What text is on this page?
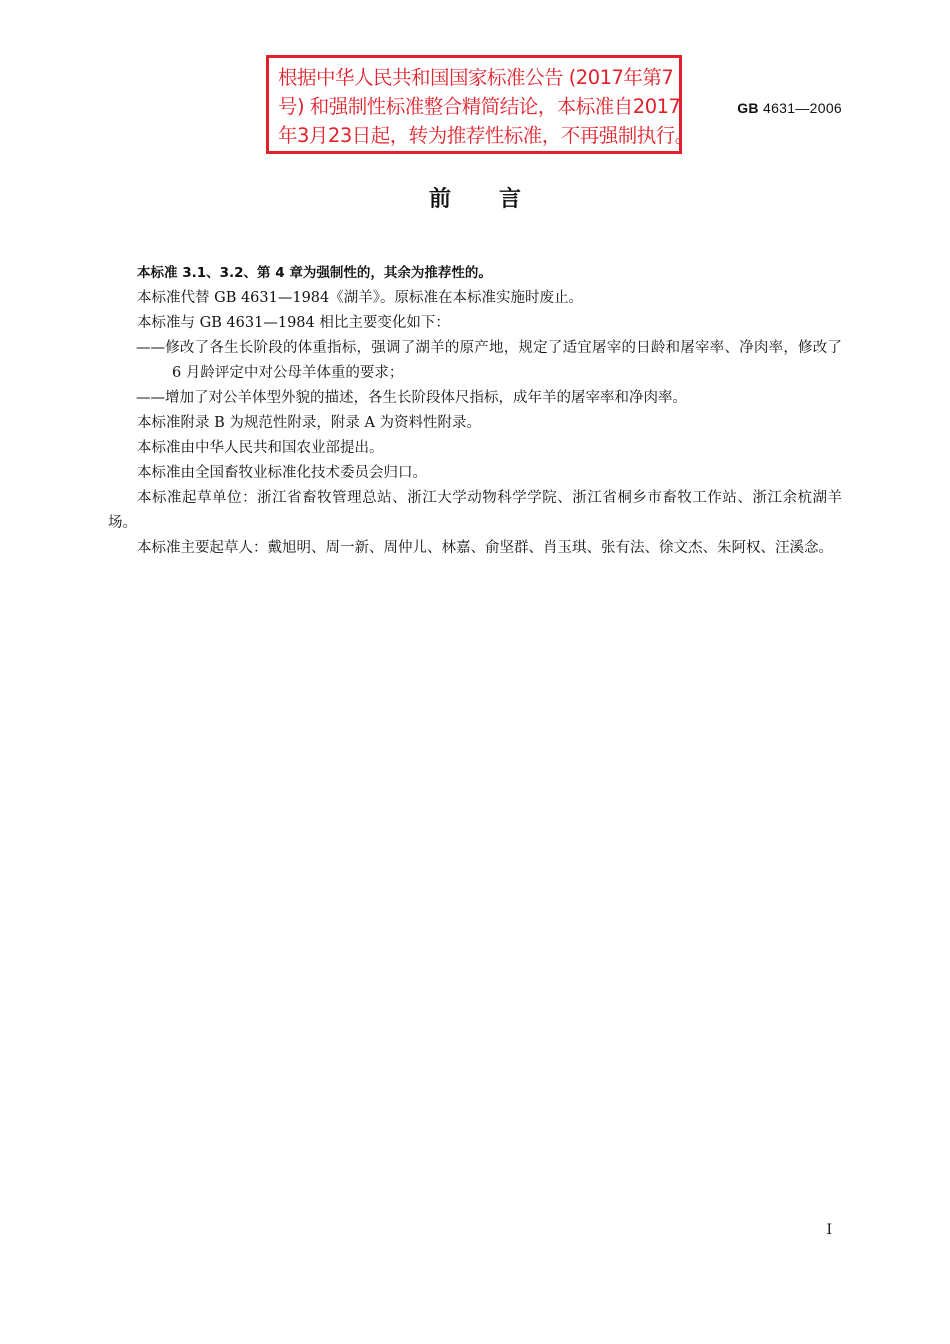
根据中华人民共和国国家标准公告 (2017年第7
号) 和强制性标准整合精简结论，本标准自2017
年3月23日起，转为推荐性标准，不再强制执行。
GB 4631—2006
前 言

本标准 3.1、3.2、第 4 章为强制性的，其余为推荐性的。

本标准代替 GB 4631—1984《湖羊》。原标准在本标准实施时废止。

本标准与 GB 4631—1984 相比主要变化如下：

——修改了各生长阶段的体重指标，强调了湖羊的原产地，规定了适宜屠宰的日龄和屠宰率、净肉率，修改了 6 月龄评定中对公母羊体重的要求；

——增加了对公羊体型外貌的描述，各生长阶段体尺指标，成年羊的屠宰率和净肉率。

本标准附录 B 为规范性附录，附录 A 为资料性附录。

本标准由中华人民共和国农业部提出。

本标准由全国畜牧业标准化技术委员会归口。

本标准起草单位：浙江省畜牧管理总站、浙江大学动物科学学院、浙江省桐乡市畜牧工作站、浙江余杭湖羊场。

本标准主要起草人：戴旭明、周一新、周仲儿、林嘉、俞坚群、肖玉琪、张有法、徐文杰、朱阿权、汪溪念。

I
